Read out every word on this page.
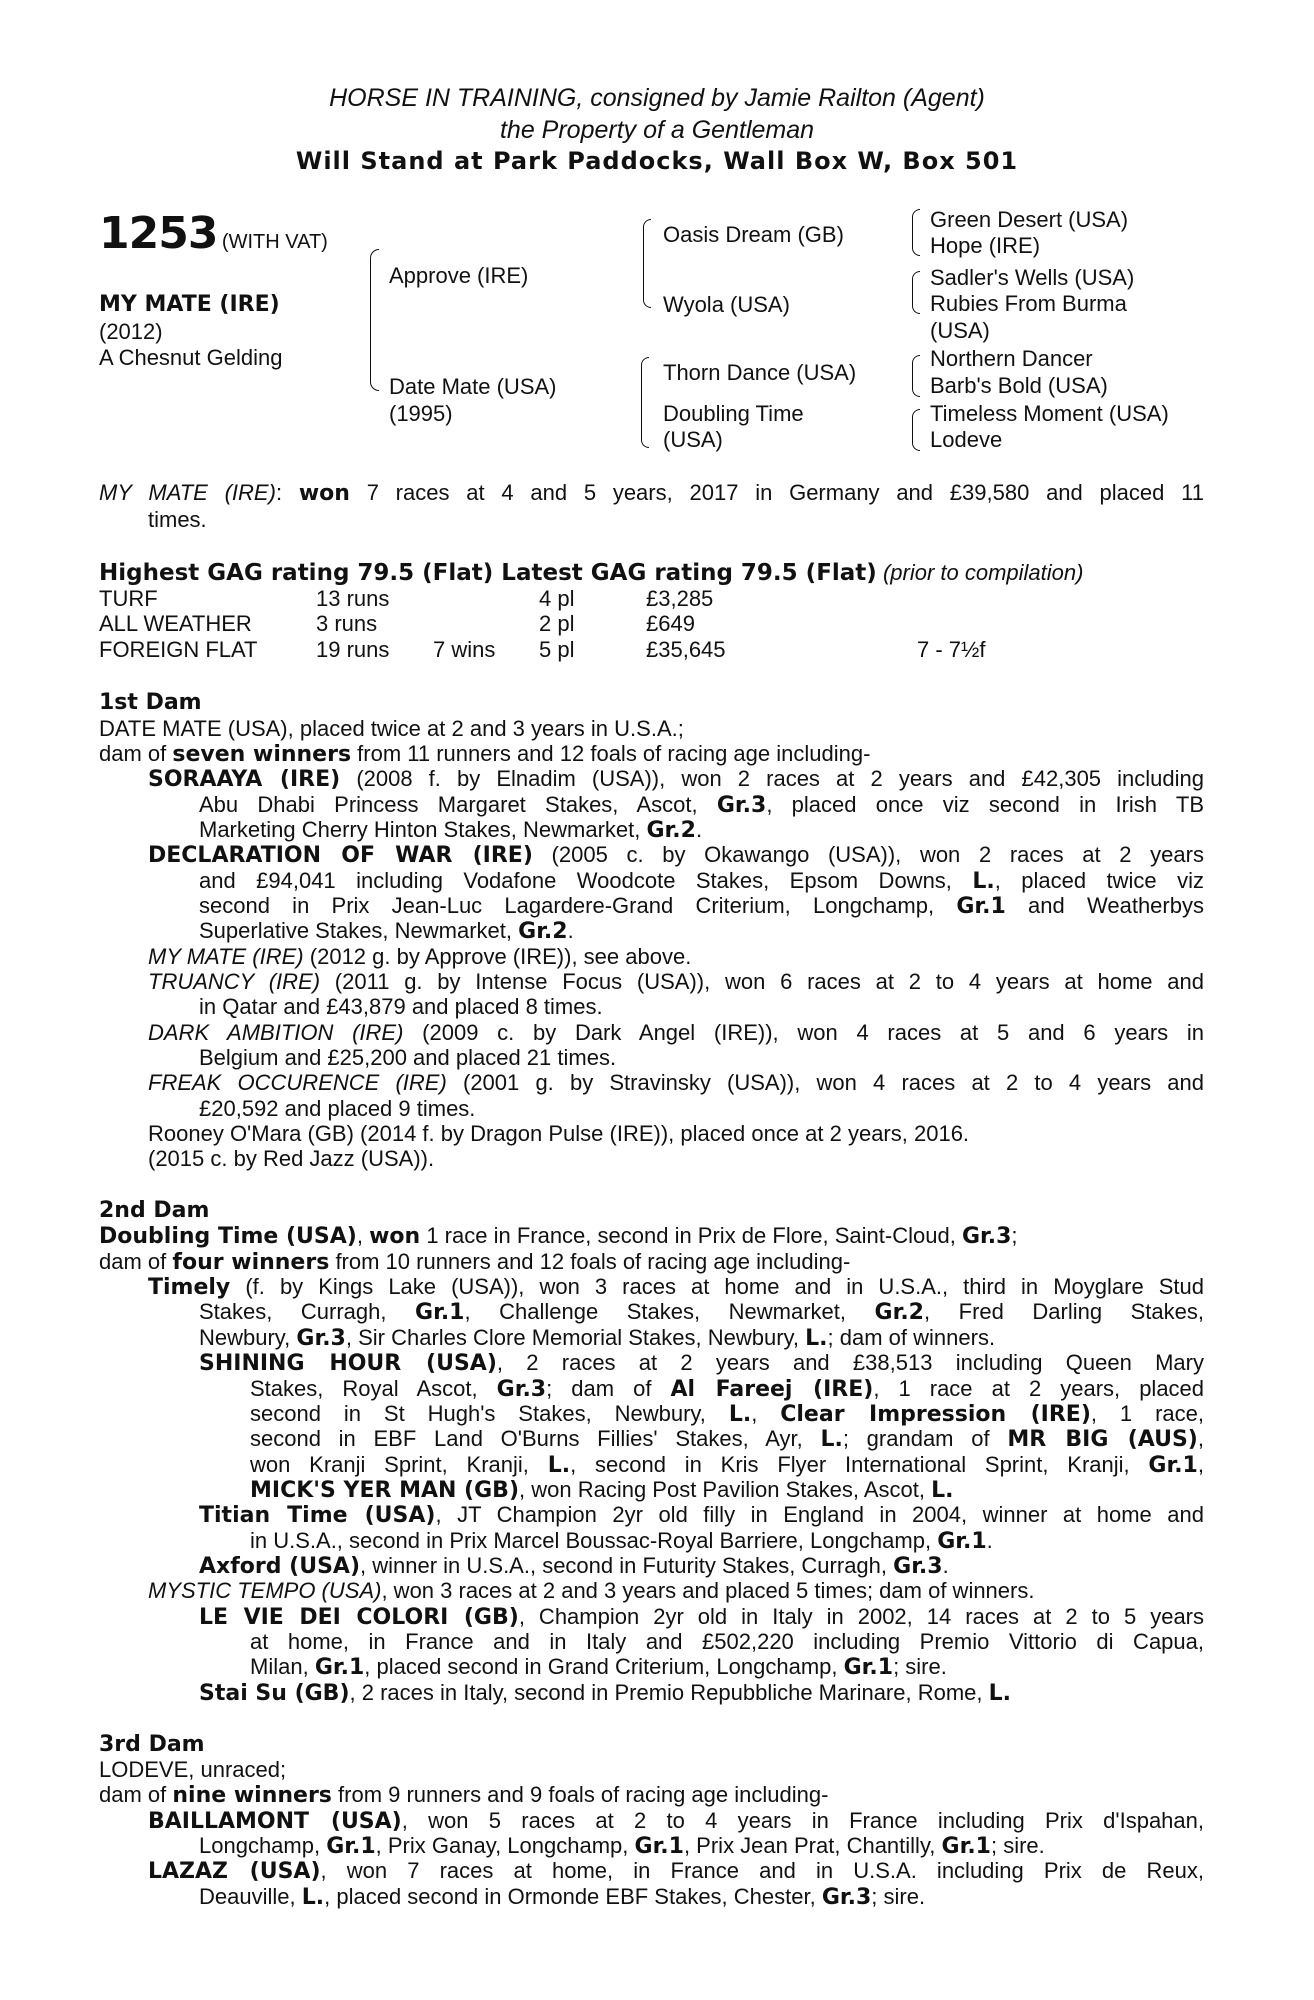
HORSE IN TRAINING, consigned by Jamie Railton (Agent)
the Property of a Gentleman
Will Stand at Park Paddocks, Wall Box W, Box 501
1253 (WITH VAT)
MY MATE (IRE)
(2012)
A Chesnut Gelding
Approve (IRE)
Date Mate (USA)
(1995)
Oasis Dream (GB)
Wyola (USA)
Thorn Dance (USA)
Doubling Time
(USA)
Green Desert (USA)
Hope (IRE)
Sadler's Wells (USA)
Rubies From Burma
(USA)
Northern Dancer
Barb's Bold (USA)
Timeless Moment (USA)
Lodeve
MY MATE (IRE): won 7 races at 4 and 5 years, 2017 in Germany and £39,580 and placed 11
times.
Highest GAG rating 79.5 (Flat) Latest GAG rating 79.5 (Flat) (prior to compilation)
TURF	13 runs	4 pl	£3,285
ALL WEATHER	3 runs	2 pl	£649
FOREIGN FLAT	19 runs 7 wins 5 pl	£35,645	7 - 7½f
1st Dam
DATE MATE (USA), placed twice at 2 and 3 years in U.S.A.;
dam of seven winners from 11 runners and 12 foals of racing age including-
SORAAYA (IRE) (2008 f. by Elnadim (USA)), won 2 races at 2 years and £42,305 including
Abu Dhabi Princess Margaret Stakes, Ascot, Gr.3, placed once viz second in Irish TB
Marketing Cherry Hinton Stakes, Newmarket, Gr.2.
DECLARATION OF WAR (IRE) (2005 c. by Okawango (USA)), won 2 races at 2 years
and £94,041 including Vodafone Woodcote Stakes, Epsom Downs, L., placed twice viz
second in Prix Jean-Luc Lagardere-Grand Criterium, Longchamp, Gr.1 and Weatherbys
Superlative Stakes, Newmarket, Gr.2.
MY MATE (IRE) (2012 g. by Approve (IRE)), see above.
TRUANCY (IRE) (2011 g. by Intense Focus (USA)), won 6 races at 2 to 4 years at home and
in Qatar and £43,879 and placed 8 times.
DARK AMBITION (IRE) (2009 c. by Dark Angel (IRE)), won 4 races at 5 and 6 years in
Belgium and £25,200 and placed 21 times.
FREAK OCCURENCE (IRE) (2001 g. by Stravinsky (USA)), won 4 races at 2 to 4 years and
£20,592 and placed 9 times.
Rooney O'Mara (GB) (2014 f. by Dragon Pulse (IRE)), placed once at 2 years, 2016.
(2015 c. by Red Jazz (USA)).
2nd Dam
Doubling Time (USA), won 1 race in France, second in Prix de Flore, Saint-Cloud, Gr.3;
dam of four winners from 10 runners and 12 foals of racing age including-
Timely (f. by Kings Lake (USA)), won 3 races at home and in U.S.A., third in Moyglare Stud
Stakes, Curragh, Gr.1, Challenge Stakes, Newmarket, Gr.2, Fred Darling Stakes,
Newbury, Gr.3, Sir Charles Clore Memorial Stakes, Newbury, L.; dam of winners.
SHINING HOUR (USA), 2 races at 2 years and £38,513 including Queen Mary
Stakes, Royal Ascot, Gr.3; dam of Al Fareej (IRE), 1 race at 2 years, placed
second in St Hugh's Stakes, Newbury, L., Clear Impression (IRE), 1 race,
second in EBF Land O'Burns Fillies' Stakes, Ayr, L.; grandam of MR BIG (AUS),
won Kranji Sprint, Kranji, L., second in Kris Flyer International Sprint, Kranji, Gr.1,
MICK'S YER MAN (GB), won Racing Post Pavilion Stakes, Ascot, L.
Titian Time (USA), JT Champion 2yr old filly in England in 2004, winner at home and
in U.S.A., second in Prix Marcel Boussac-Royal Barriere, Longchamp, Gr.1.
Axford (USA), winner in U.S.A., second in Futurity Stakes, Curragh, Gr.3.
MYSTIC TEMPO (USA), won 3 races at 2 and 3 years and placed 5 times; dam of winners.
LE VIE DEI COLORI (GB), Champion 2yr old in Italy in 2002, 14 races at 2 to 5 years
at home, in France and in Italy and £502,220 including Premio Vittorio di Capua,
Milan, Gr.1, placed second in Grand Criterium, Longchamp, Gr.1; sire.
Stai Su (GB), 2 races in Italy, second in Premio Repubbliche Marinare, Rome, L.
3rd Dam
LODEVE, unraced;
dam of nine winners from 9 runners and 9 foals of racing age including-
BAILLAMONT (USA), won 5 races at 2 to 4 years in France including Prix d'Ispahan,
Longchamp, Gr.1, Prix Ganay, Longchamp, Gr.1, Prix Jean Prat, Chantilly, Gr.1; sire.
LAZAZ (USA), won 7 races at home, in France and in U.S.A. including Prix de Reux,
Deauville, L., placed second in Ormonde EBF Stakes, Chester, Gr.3; sire.
